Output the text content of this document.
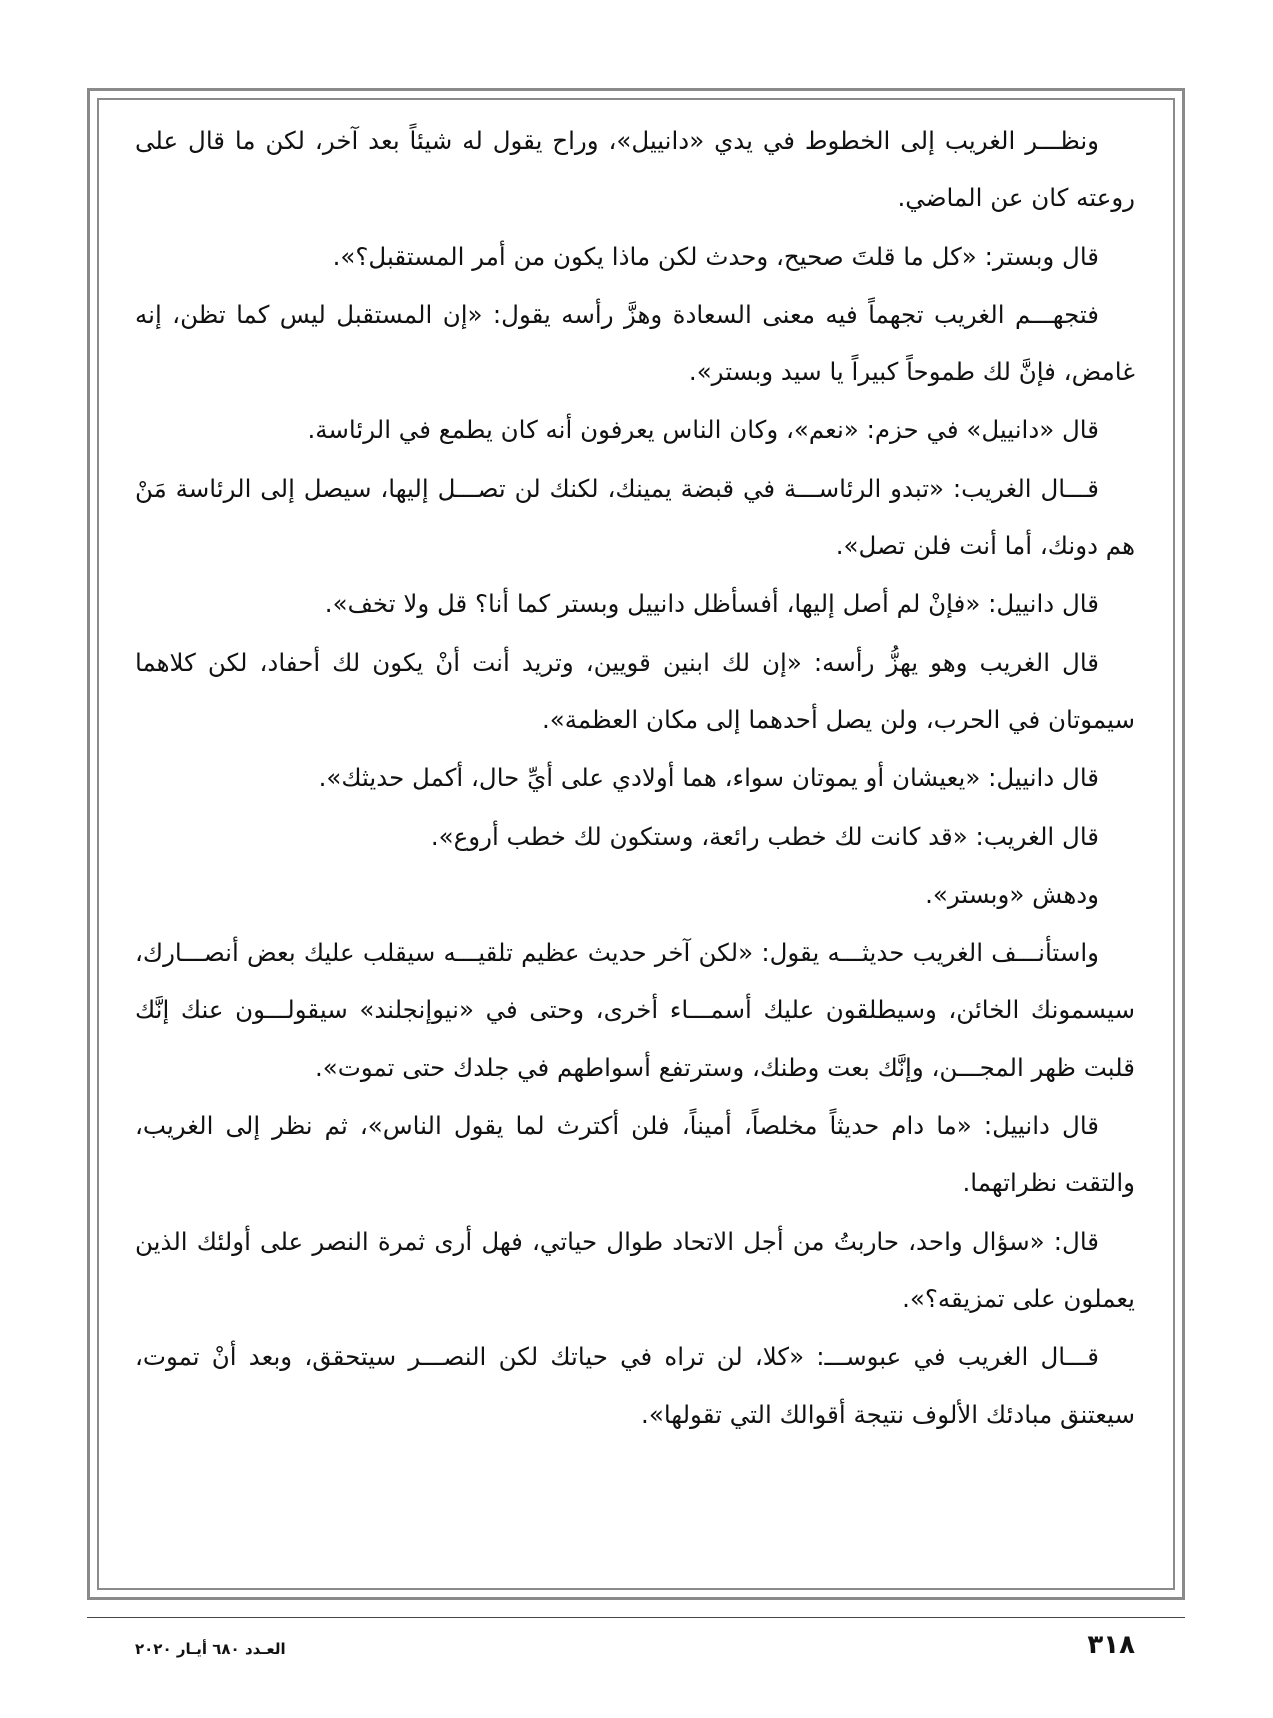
ونظـــر الغريب إلى الخطوط في يدي «دانييل»، وراح يقول له شيئاً بعد آخر، لكن ما قال على روعته كان عن الماضي.

قال وبستر: «كل ما قلتَ صحيح، وحدث لكن ماذا يكون من أمر المستقبل؟».

فتجهـــم الغريب تجهماً فيه معنى السعادة وهزَّ رأسه يقول: «إن المستقبل ليس كما تظن، إنه غامض، فإنَّ لك طموحاً كبيراً يا سيد وبستر».

قال «دانييل» في حزم: «نعم»، وكان الناس يعرفون أنه كان يطمع في الرئاسة.

قـــال الغريب: «تبدو الرئاســـة في قبضة يمينك، لكنك لن تصـــل إليها، سيصل إلى الرئاسة مَنْ هم دونك، أما أنت فلن تصل».

قال دانييل: «فإنْ لم أصل إليها، أفسأظل دانييل وبستر كما أنا؟ قل ولا تخف».

قال الغريب وهو يهزُّ رأسه: «إن لك ابنين قويين، وتريد أنت أنْ يكون لك أحفاد، لكن كلاهما سيموتان في الحرب، ولن يصل أحدهما إلى مكان العظمة».

قال دانييل: «يعيشان أو يموتان سواء، هما أولادي على أيِّ حال، أكمل حديثك».

قال الغريب: «قد كانت لك خطب رائعة، وستكون لك خطب أروع».

ودهش «وبستر».

واستأنـــف الغريب حديثـــه يقول: «لكن آخر حديث عظيم تلقيـــه سيقلب عليك بعض أنصـــارك، سيسمونك الخائن، وسيطلقون عليك أسمـــاء أخرى، وحتى في «نيوإنجلند» سيقولـــون عنك إنَّك قلبت ظهر المجـــن، وإنَّك بعت وطنك، وسترتفع أسواطهم في جلدك حتى تموت».

قال دانييل: «ما دام حديثاً مخلصاً، أميناً، فلن أكترث لما يقول الناس»، ثم نظر إلى الغريب، والتقت نظراتهما.

قال: «سؤال واحد، حاربتُ من أجل الاتحاد طوال حياتي، فهل أرى ثمرة النصر على أولئك الذين يعملون على تمزيقه؟».

قـــال الغريب في عبوســـ: «كلا، لن تراه في حياتك لكن النصـــر سيتحقق، وبعد أنْ تموت، سيعتنق مبادئك الألوف نتيجة أقوالك التي تقولها».

٣١٨
العـدد ٦٨٠ أيـار ٢٠٢٠
